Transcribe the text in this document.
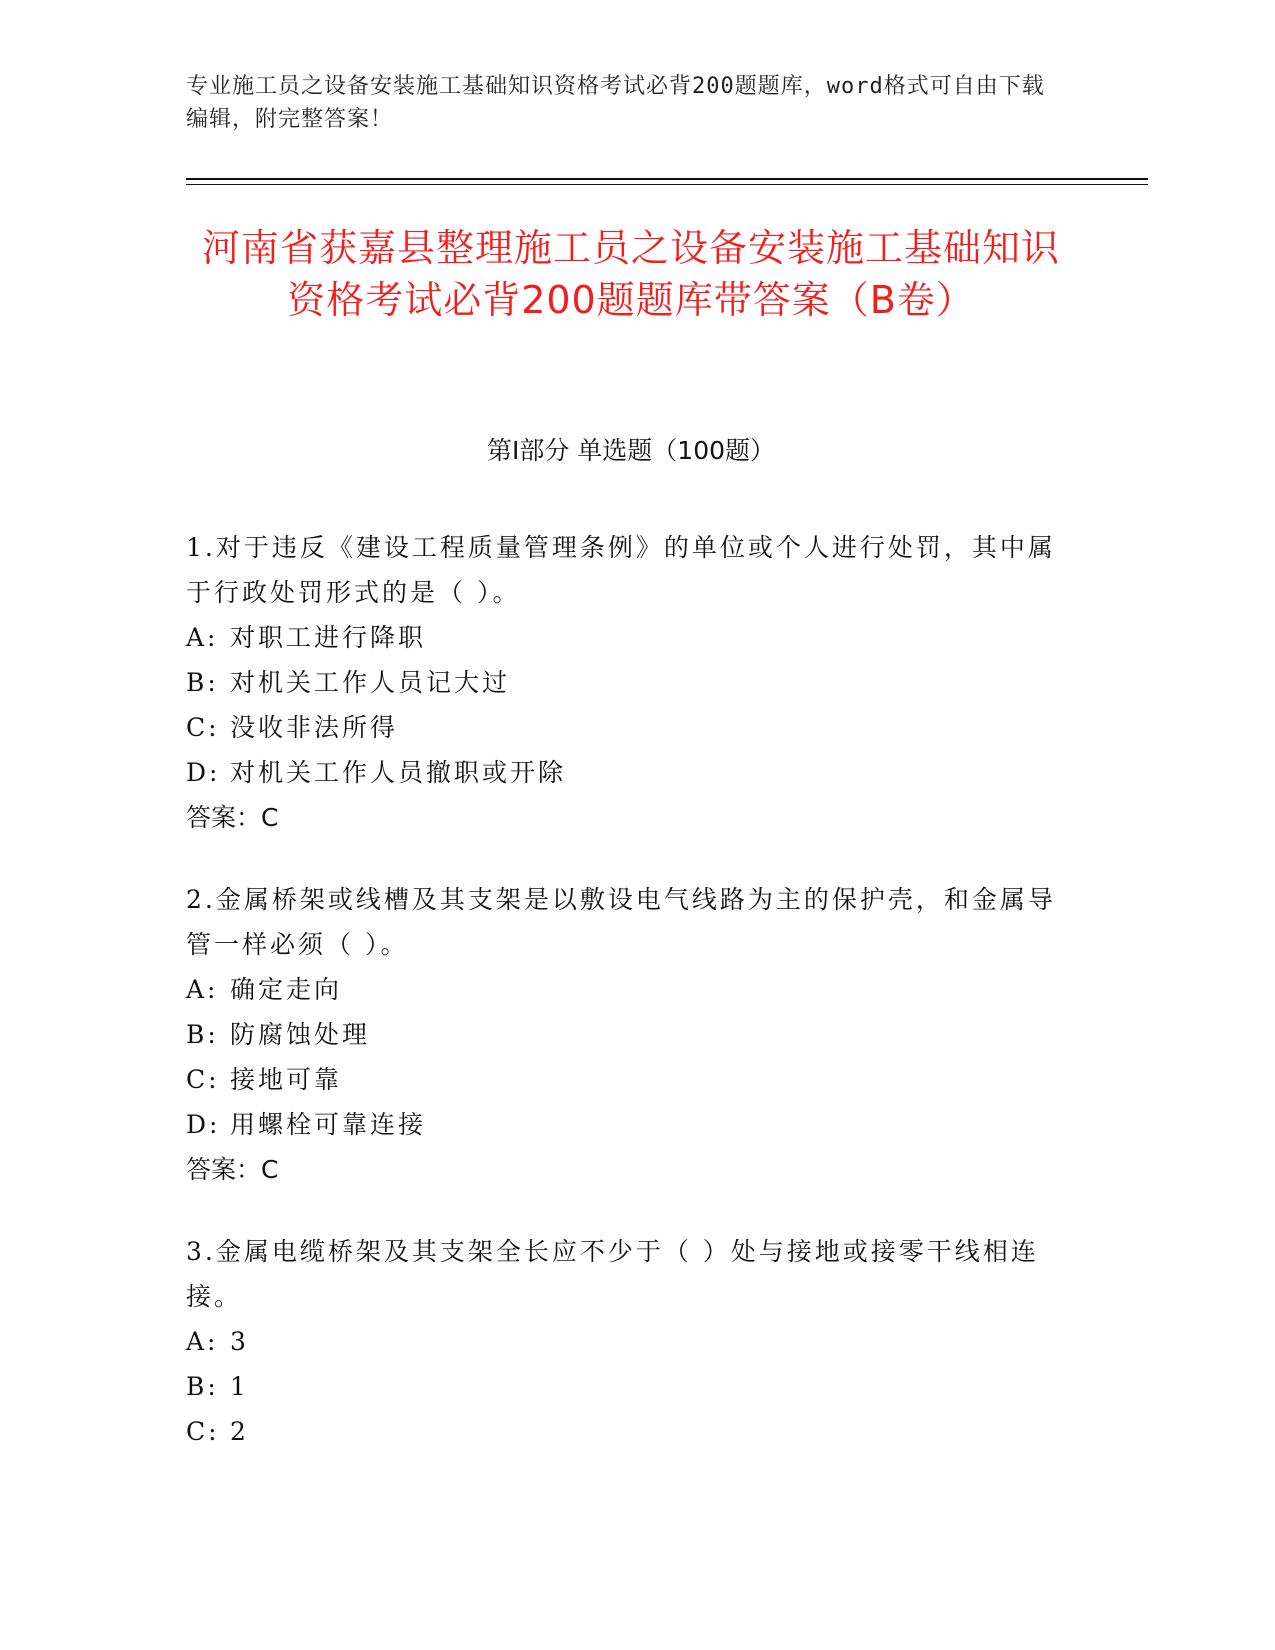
专业施工员之设备安装施工基础知识资格考试必背200题题库，word格式可自由下载编辑，附完整答案！
河南省获嘉县整理施工员之设备安装施工基础知识资格考试必背200题题库带答案（B卷）
第I部分 单选题（100题）

1.对于违反《建设工程质量管理条例》的单位或个人进行处罚，其中属于行政处罚形式的是（ ）。

A: 对职工进行降职

B: 对机关工作人员记大过

C: 没收非法所得

D: 对机关工作人员撤职或开除

答案：C

2.金属桥架或线槽及其支架是以敷设电气线路为主的保护壳，和金属导管一样必须（ ）。

A: 确定走向

B: 防腐蚀处理

C: 接地可靠

D: 用螺栓可靠连接

答案：C

3.金属电缆桥架及其支架全长应不少于（ ）处与接地或接零干线相连接。

A: 3

B: 1

C: 2
